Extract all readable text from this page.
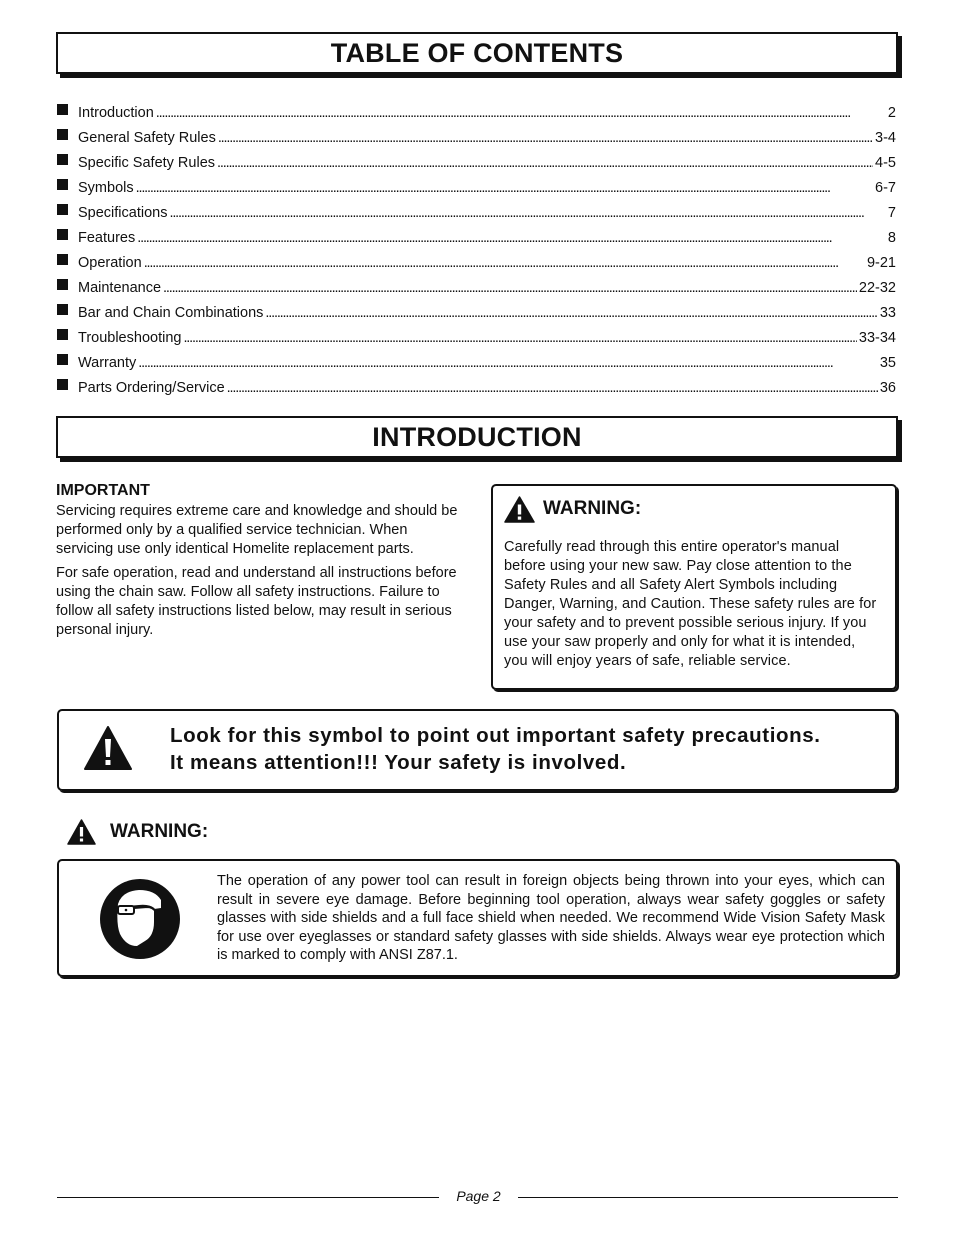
TABLE OF CONTENTS
Introduction . . .	2
General Safety Rules . . .	3-4
Specific Safety Rules . . .	4-5
Symbols . . .	6-7
Specifications . . .	7
Features . . .	8
Operation . . .	9-21
Maintenance . . .	22-32
Bar and Chain Combinations . . .	33
Troubleshooting . . .	33-34
Warranty . . .	35
Parts Ordering/Service . . .	36
INTRODUCTION
IMPORTANT

Servicing requires extreme care and knowledge and should be performed only by a qualified service technician. When servicing use only identical Homelite replacement parts.

For safe operation, read and understand all instructions before using the chain saw. Follow all safety instructions. Failure to follow all safety instructions listed below, may result in serious personal injury.

WARNING:
Carefully read through this entire operator's manual before using your new saw. Pay close attention to the Safety Rules and all Safety Alert Symbols including Danger, Warning, and Caution. These safety rules are for your safety and to prevent possible serious injury. If you use your saw properly and only for what it is intended, you will enjoy years of safe, reliable service.
Look for this symbol to point out important safety precautions.
It means attention!!! Your safety is involved.
WARNING:
The operation of any power tool can result in foreign objects being thrown into your eyes, which can result in severe eye damage. Before beginning tool operation, always wear safety goggles or safety glasses with side shields and a full face shield when needed. We recommend Wide Vision Safety Mask for use over eyeglasses or standard safety glasses with side shields. Always wear eye protection which is marked to comply with ANSI Z87.1.
Page 2
